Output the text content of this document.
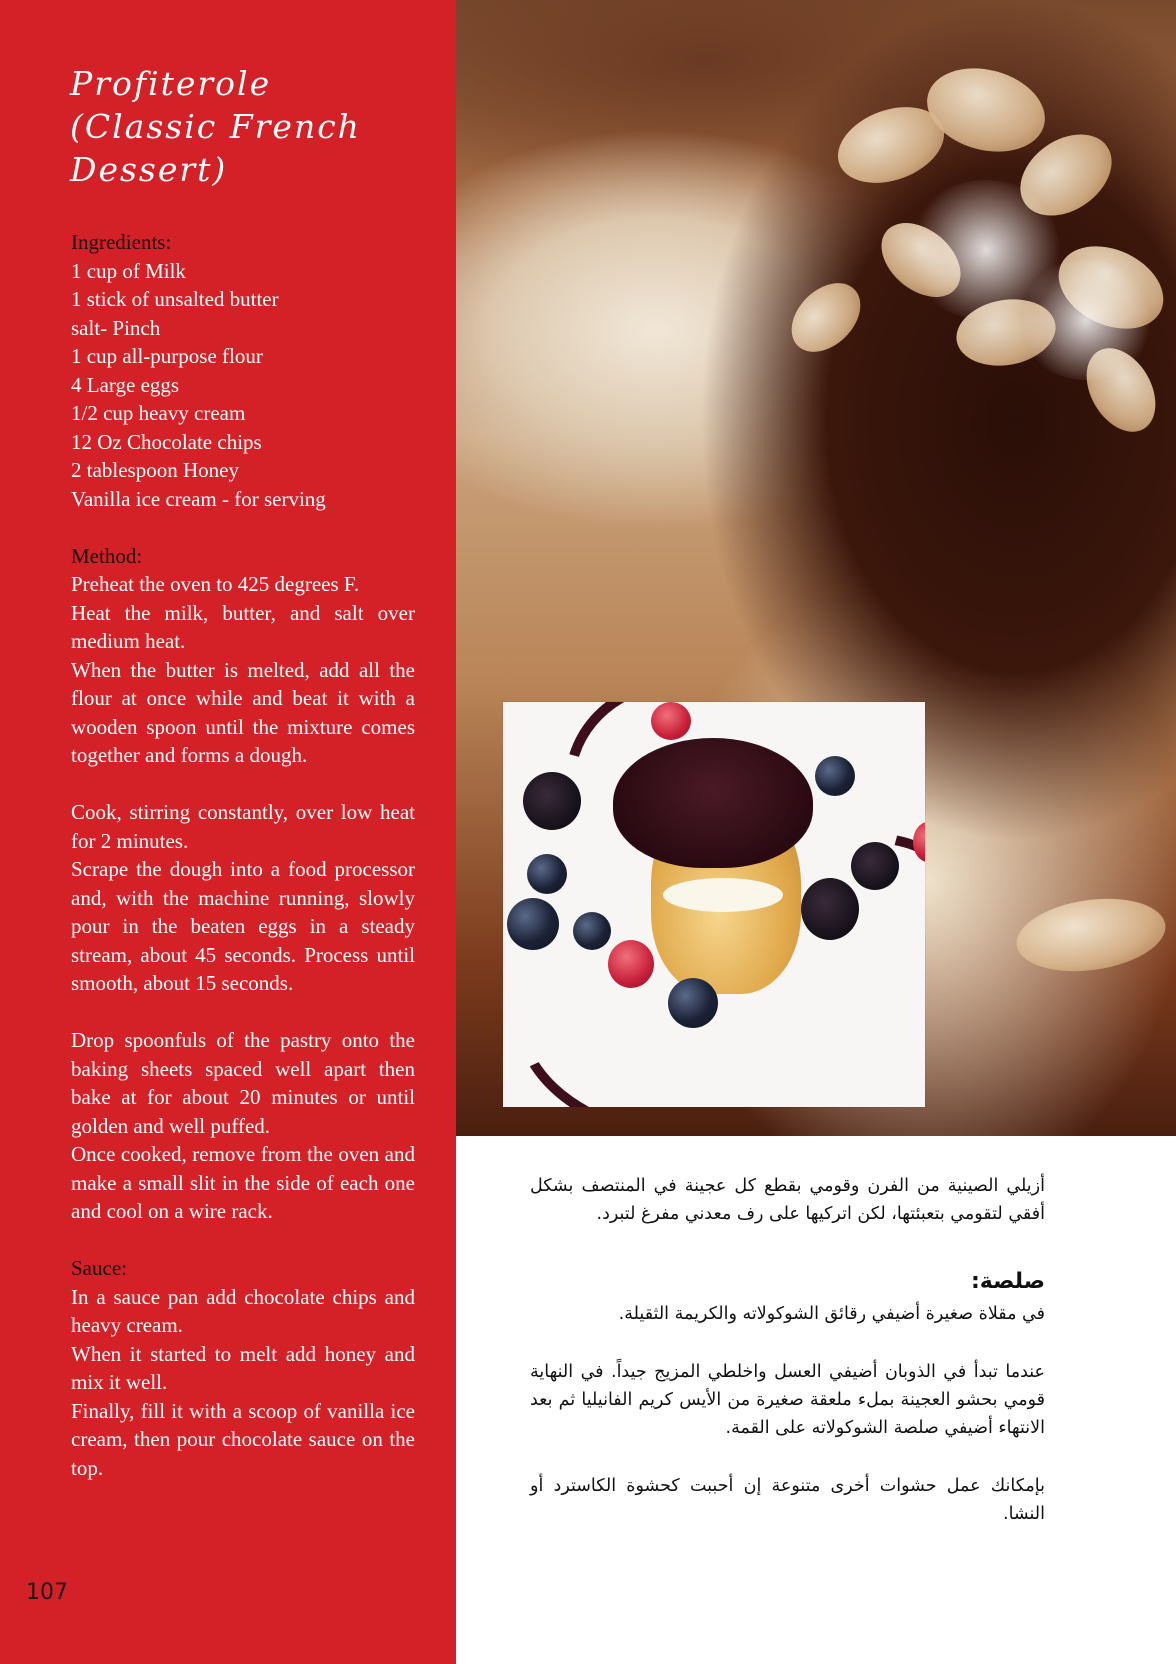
Profiterole
(Classic French
Dessert)
Ingredients:
1 cup of Milk
1 stick of unsalted butter
salt- Pinch
1 cup all-purpose flour
4 Large eggs
1/2 cup heavy cream
12 Oz Chocolate chips
2 tablespoon Honey
Vanilla ice cream - for serving
Method:
Preheat the oven to 425 degrees F.
Heat the milk, butter, and salt over medium heat.
When the butter is melted, add all the flour at once while and beat it with a wooden spoon until the mixture comes together and forms a dough.
Cook, stirring constantly, over low heat for 2 minutes.
Scrape the dough into a food processor and, with the machine running, slowly pour in the beaten eggs in a steady stream, about 45 seconds. Process until smooth, about 15 seconds.
Drop spoonfuls of the pastry onto the baking sheets spaced well apart then bake at for about 20 minutes or until golden and well puffed.
Once cooked, remove from the oven and make a small slit in the side of each one and cool on a wire rack.
Sauce:
In a sauce pan add chocolate chips and heavy cream.
When it started to melt add honey and mix it well.
Finally, fill it with a scoop of vanilla ice cream, then pour chocolate sauce on the top.
107

أزيلي الصينية من الفرن وقومي بقطع كل عجينة في المنتصف بشكل أفقي لتقومي بتعبئتها، لكن اتركيها على رف معدني مفرغ لتبرد.

صلصة:

في مقلاة صغيرة أضيفي رقائق الشوكولاته والكريمة الثقيلة.

عندما تبدأ في الذوبان أضيفي العسل واخلطي المزيج جيداً. في النهاية قومي بحشو العجينة بملء ملعقة صغيرة من الأيس كريم الفانيليا ثم بعد الانتهاء أضيفي صلصة الشوكولاته على القمة.

بإمكانك عمل حشوات أخرى متنوعة إن أحببت كحشوة الكاسترد أو النشا.
